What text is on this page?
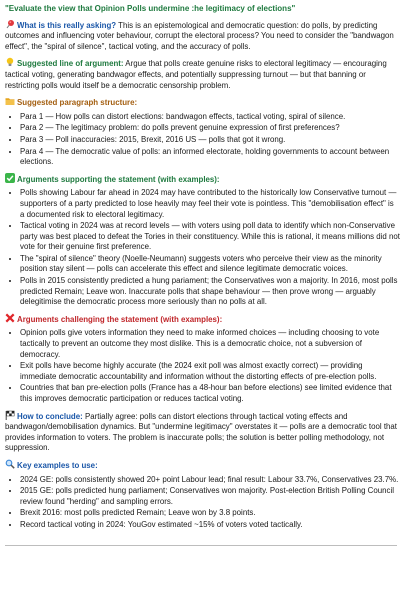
"Evaluate the view that Opinion Polls undermine :he legitimacy of elections"
What is this really asking? This is an epistemological and democratic question: do polls, by predicting outcomes and influencing voter behaviour, corrupt the electoral process? You need to consider the "bandwagon effect", the "spiral of silence", tactical voting, and the accuracy of polls.
Suggested line of argument: Argue that polls create genuine risks to electoral legitimacy — encouraging tactical voting, generating bandwagor effects, and potentially suppressing turnout — but that banning or restricting polls would itself be a democratic censorship problem.
Suggested paragraph structure:
• Para 1 — How polls can distort elections: bandwagon effects, tactical voting, spiral of silence.
• Para 2 — The legitimacy problem: do polls prevent genuine expression of first preferences?
• Para 3 — Poll inaccuracies: 2015, Brexit, 2016 US — polls that got it wrong.
• Para 4 — The democratic value of polls: an informed electorate, holding governments to account between elections.
Arguments supporting the statement (with examples):
• Polls showing Labour far ahead in 2024 may have contributed to the historically low Conservative turnout — supporters of a party predicted to lose heavily may feel their vote is pointless. This "demobilisation effect" is a documented risk to electoral legitimacy.
• Tactical voting in 2024 was at record levels — with voters using poll data to identify which non-Conservative party was best placed to defeat the Tories in their constituency. While this is rational, it means millions did not vote for their genuine first preference.
• The "spiral of silence" theory (Noelle-Neumann) suggests voters who perceive their view as the minority position stay silent — polls can accelerate this effect and silence legitimate democratic voices.
• Polls in 2015 consistently predicted a hung pariament; the Conservatives won a majority. In 2016, most polls predicted Remain; Leave won. Inaccurate polls that shape behaviour — then prove wrong — arguably delegitimise the democratic process more seriously than no polls at all.
Arguments challenging the statement (with examples):
• Opinion polls give voters information they need to make informed choices — including choosing to vote tactically to prevent an outcome they most dislike. This is a democratic choice, not a subversion of democracy.
• Exit polls have become highly accurate (the 2024 exit poll was almost exactly correct) — providing immediate democratic accountability and information without the distorting effects of pre-election polls.
• Countries that ban pre-election polls (France has a 48-hour ban before elections) see limited evidence that this improves democratic participation or reduces tactical voting.
How to conclude: Partially agree: polls can distort elections through tactical voting effects and bandwagon/demobilisation dynamics. But "undermine legitimacy" overstates it — polls are a democratic tool that provides information to voters. The problem is inaccurate polls; the solution is better polling methodology, not suppression.
Key examples to use:
• 2024 GE: polls consistently showed 20+ point Labour lead; final result: Labour 33.7%, Conservatives 23.7%.
• 2015 GE: polls predicted hung parliament; Conservatives won majority. Post-election British Polling Council review found "herding" and sampling errors.
• Brexit 2016: most polls predicted Remain; Leave won by 3.8 points.
• Record tactical voting in 2024: YouGov estimated ~15% of voters voted tactically.
